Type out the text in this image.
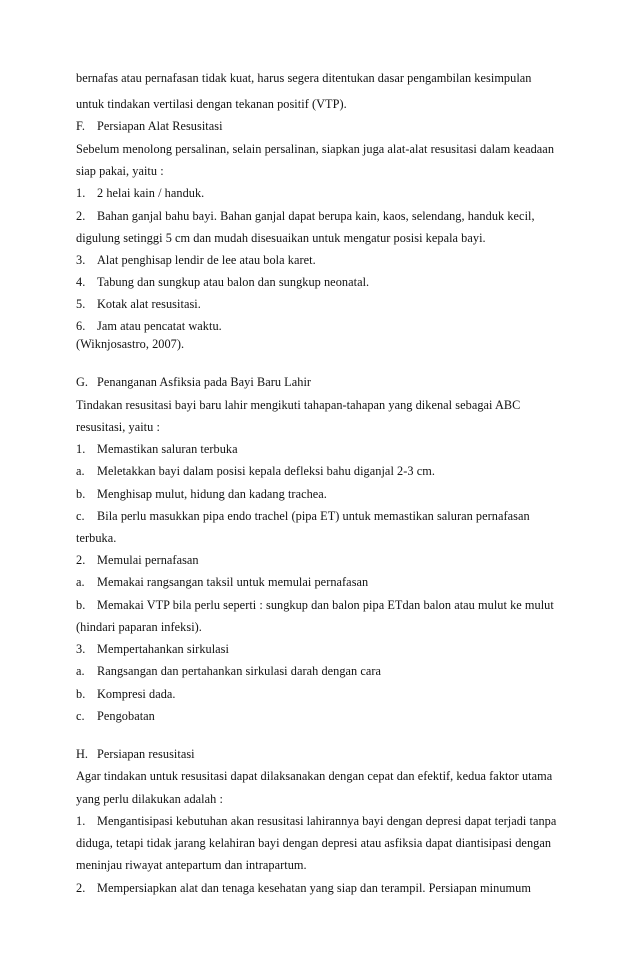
bernafas atau pernafasan tidak kuat, harus segera ditentukan dasar pengambilan kesimpulan
untuk tindakan vertilasi dengan tekanan positif (VTP).
F. Persiapan Alat Resusitasi
Sebelum menolong persalinan, selain persalinan, siapkan juga alat-alat resusitasi dalam keadaan
siap pakai, yaitu :
1. 2 helai kain / handuk.
2. Bahan ganjal bahu bayi. Bahan ganjal dapat berupa kain, kaos, selendang, handuk kecil,
digulung setinggi 5 cm dan mudah disesuaikan untuk mengatur posisi kepala bayi.
3. Alat penghisap lendir de lee atau bola karet.
4. Tabung dan sungkup atau balon dan sungkup neonatal.
5. Kotak alat resusitasi.
6. Jam atau pencatat waktu.
(Wiknjosastro, 2007).
G. Penanganan Asfiksia pada Bayi Baru Lahir
Tindakan resusitasi bayi baru lahir mengikuti tahapan-tahapan yang dikenal sebagai ABC
resusitasi, yaitu :
1. Memastikan saluran terbuka
a. Meletakkan bayi dalam posisi kepala defleksi bahu diganjal 2-3 cm.
b. Menghisap mulut, hidung dan kadang trachea.
c. Bila perlu masukkan pipa endo trachel (pipa ET) untuk memastikan saluran pernafasan
terbuka.
2. Memulai pernafasan
a. Memakai rangsangan taksil untuk memulai pernafasan
b. Memakai VTP bila perlu seperti : sungkup dan balon pipa ETdan balon atau mulut ke mulut
(hindari paparan infeksi).
3. Mempertahankan sirkulasi
a. Rangsangan dan pertahankan sirkulasi darah dengan cara
b. Kompresi dada.
c. Pengobatan
H. Persiapan resusitasi
Agar tindakan untuk resusitasi dapat dilaksanakan dengan cepat dan efektif, kedua faktor utama
yang perlu dilakukan adalah :
1. Mengantisipasi kebutuhan akan resusitasi lahirannya bayi dengan depresi dapat terjadi tanpa
diduga, tetapi tidak jarang kelahiran bayi dengan depresi atau asfiksia dapat diantisipasi dengan
meninjau riwayat antepartum dan intrapartum.
2. Mempersiapkan alat dan tenaga kesehatan yang siap dan terampil. Persiapan minumum
